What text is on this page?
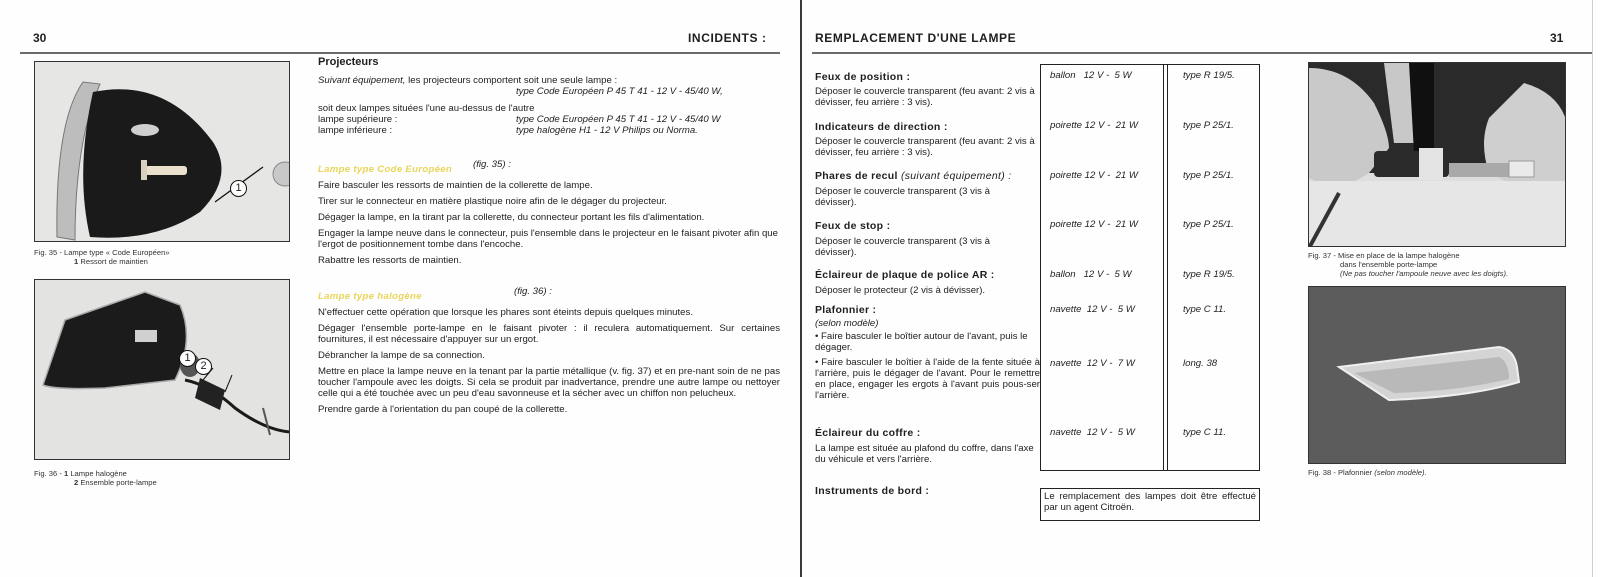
30	INCIDENTS :
1
Fig. 35 - Lampe type « Code Européen»
1 Ressort de maintien
1
2
Fig. 36 - 1 Lampe halogène
2 Ensemble porte-lampe
Projecteurs
Suivant équipement, les projecteurs comportent soit une seule lampe :
type Code Européen P 45 T 41 - 12 V - 45/40 W,
soit deux lampes situées l'une au-dessus de l'autre
lampe supérieure :	type Code Européen P 45 T 41 - 12 V - 45/40 W
lampe inférieure :	type halogène H1 - 12 V Philips ou Norma.
Lampe type Code Européen (fig. 35) :

Faire basculer les ressorts de maintien de la collerette de lampe.

Tirer sur le connecteur en matière plastique noire afin de le dégager du projecteur.

Dégager la lampe, en la tirant par la collerette, du connecteur portant les fils d'alimentation.

Engager la lampe neuve dans le connecteur, puis l'ensemble dans le projecteur en le faisant pivoter afin que l'ergot de positionnement tombe dans l'encoche.

Rabattre les ressorts de maintien.

Lampe type halogène	(fig. 36) :

N'effectuer cette opération que lorsque les phares sont éteints depuis quelques minutes.

Dégager l'ensemble porte-lampe en le faisant pivoter : il reculera automatiquement. Sur certaines fournitures, il est nécessaire d'appuyer sur un ergot.

Débrancher la lampe de sa connection.

Mettre en place la lampe neuve en la tenant par la partie métallique (v. fig. 37) et en pre-nant soin de ne pas toucher l'ampoule avec les doigts. Si cela se produit par inadvertance, prendre une autre lampe ou nettoyer celle qui a été touchée avec un peu d'eau savonneuse et la sécher avec un chiffon non pelucheux.

Prendre garde à l'orientation du pan coupé de la collerette.

REMPLACEMENT D'UNE LAMPE	31
Feux de position :
Déposer le couvercle transparent (feu avant: 2 vis à dévisser, feu arrière : 3 vis).
ballon   12 V -  5 W	type R 19/5.
Indicateurs de direction :
Déposer le couvercle transparent (feu avant: 2 vis à dévisser, feu arrière : 3 vis).
poirette 12 V -  21 W	type P 25/1.
Phares de recul (suivant équipement) :
Déposer le couvercle transparent (3 vis à dévisser).
poirette 12 V -  21 W	type P 25/1.
Feux de stop :
Déposer le couvercle transparent (3 vis à dévisser).
poirette 12 V -  21 W	type P 25/1.
Éclaireur de plaque de police AR :
Déposer le protecteur (2 vis à dévisser).
ballon   12 V -  5 W	type R 19/5.
Plafonnier :
(selon modèle)
• Faire basculer le boîtier autour de l'avant, puis le dégager.
navette  12 V -  5 W	type C 11.
• Faire basculer le boîtier à l'aide de la fente située à l'arrière, puis le dégager de l'avant. Pour le remettre en place, engager les ergots à l'avant puis pous-ser l'arrière.
navette  12 V -  7 W	long. 38
Éclaireur du coffre :
La lampe est située au plafond du coffre, dans l'axe du véhicule et vers l'arrière.
navette  12 V -  5 W	type C 11.
Instruments de bord :	Le remplacement des lampes doit être effectué par un agent Citroën.
Fig. 37 - Mise en place de la lampe halogène
dans l'ensemble porte-lampe
(Ne pas toucher l'ampoule neuve avec les doigts).
Fig. 38 - Plafonnier (selon modèle).
